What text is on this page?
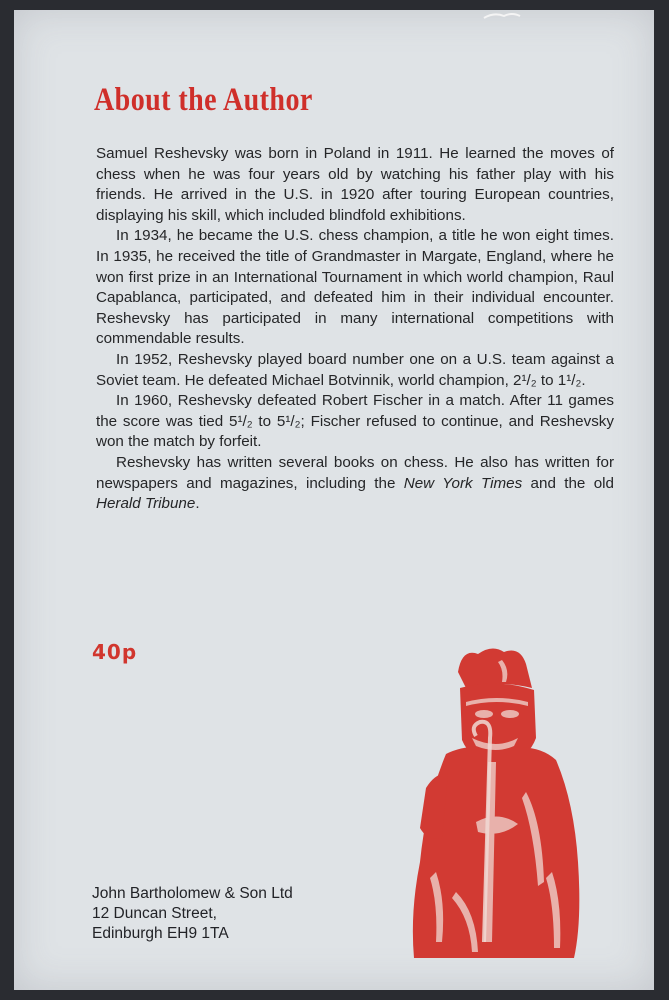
About the Author

Samuel Reshevsky was born in Poland in 1911. He learned the moves of chess when he was four years old by watching his father play with his friends. He arrived in the U.S. in 1920 after touring European countries, displaying his skill, which included blindfold exhibitions.

In 1934, he became the U.S. chess champion, a title he won eight times. In 1935, he received the title of Grandmaster in Margate, England, where he won first prize in an International Tournament in which world champion, Raul Capablanca, participated, and defeated him in their individual encounter. Reshevsky has participated in many international competitions with commendable results.

In 1952, Reshevsky played board number one on a U.S. team against a Soviet team. He defeated Michael Botvinnik, world champion, 2¹/₂ to 1¹/₂.

In 1960, Reshevsky defeated Robert Fischer in a match. After 11 games the score was tied 5¹/₂ to 5¹/₂; Fischer refused to continue, and Reshevsky won the match by forfeit.

Reshevsky has written several books on chess. He also has written for newspapers and magazines, including the New York Times and the old Herald Tribune.

40p
John Bartholomew & Son Ltd
12 Duncan Street,
Edinburgh EH9 1TA
